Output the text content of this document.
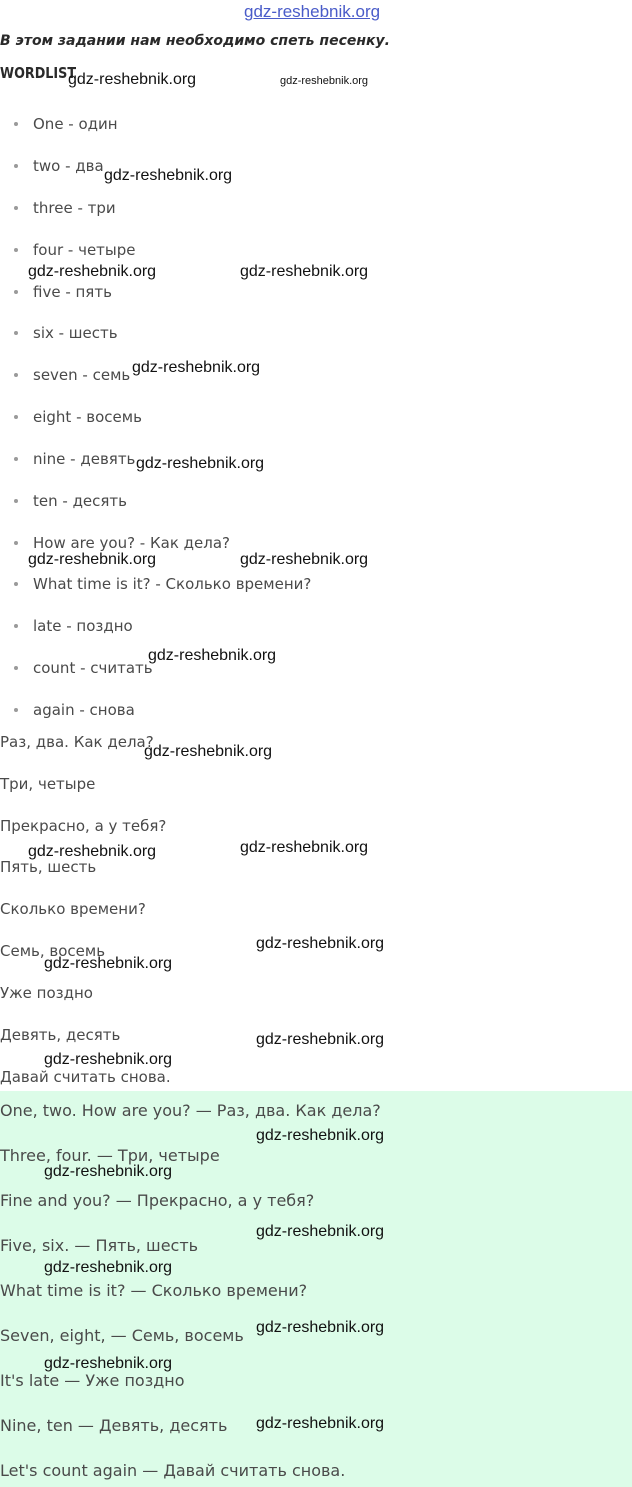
gdz-reshebnik.org
В этом задании нам необходимо спеть песенку.
WORDLIST
One - один
two - два
three - три
four - четыре
five - пять
six - шесть
seven - семь
eight - восемь
nine - девять
ten - десять
How are you? - Как дела?
What time is it? - Сколько времени?
late - поздно
count - считать
again - снова
Раз, два. Как дела?
Три, четыре
Прекрасно, а у тебя?
Пять, шесть
Сколько времени?
Семь, восемь
Уже поздно
Девять, десять
Давай считать снова.
One, two. How are you? — Раз, два. Как дела?
Three, four. — Три, четыре
Fine and you? — Прекрасно, а у тебя?
Five, six. — Пять, шесть
What time is it? — Сколько времени?
Seven, eight, — Семь, восемь
It's late — Уже поздно
Nine, ten — Девять, десять
Let's count again — Давай считать снова.
gdz-reshebnik.org	gdz-reshebnik.org
gdz-reshebnik.org
gdz-reshebnik.org	gdz-reshebnik.org
gdz-reshebnik.org
gdz-reshebnik.org
gdz-reshebnik.org	gdz-reshebnik.org
gdz-reshebnik.org
gdz-reshebnik.org
gdz-reshebnik.org	gdz-reshebnik.org
gdz-reshebnik.org
gdz-reshebnik.org
gdz-reshebnik.org
gdz-reshebnik.org
gdz-reshebnik.org
gdz-reshebnik.org
gdz-reshebnik.org
gdz-reshebnik.org
gdz-reshebnik.org
gdz-reshebnik.org
gdz-reshebnik.org
